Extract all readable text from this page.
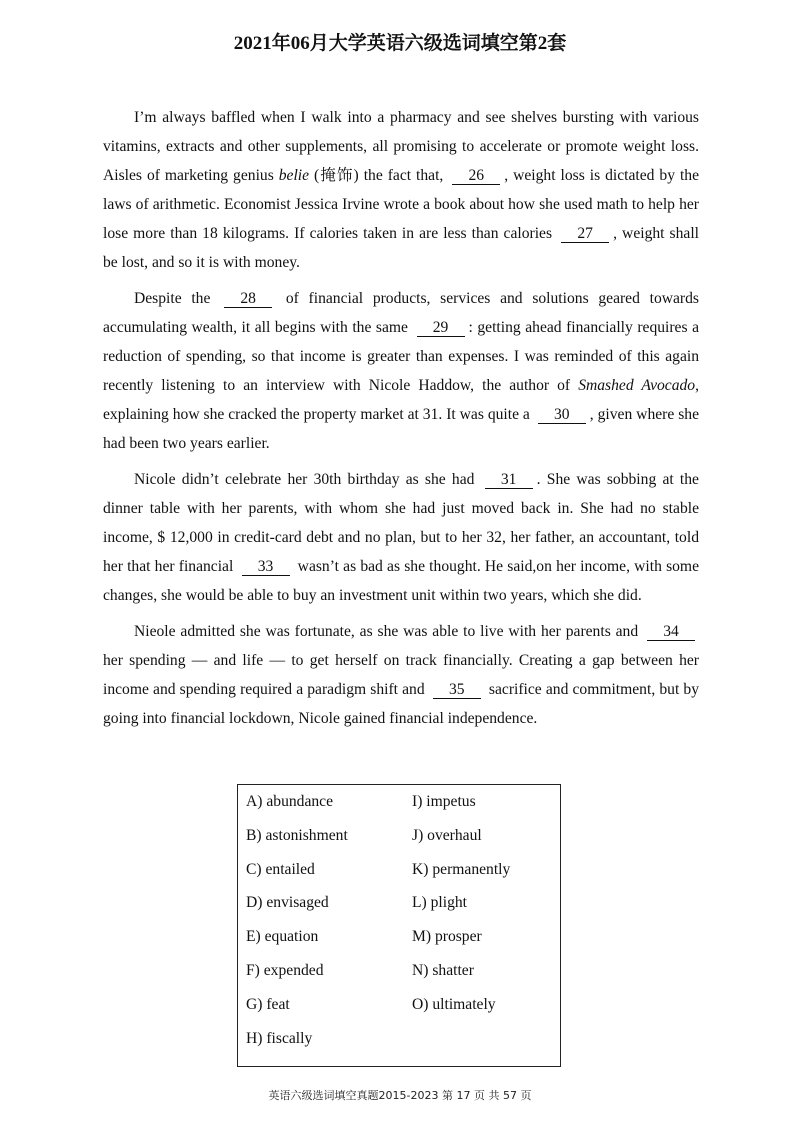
2021年06月大学英语六级选词填空第2套

I’m always baffled when I walk into a pharmacy and see shelves bursting with various vitamins, extracts and other supplements, all promising to accelerate or promote weight loss. Aisles of marketing genius belie (掩饰) the fact that, 26 , weight loss is dictated by the laws of arithmetic. Economist Jessica Irvine wrote a book about how she used math to help her lose more than 18 kilograms. If calories taken in are less than calories 27 , weight shall be lost, and so it is with money.

Despite the 28 of financial products, services and solutions geared towards accumulating wealth, it all begins with the same 29 : getting ahead financially requires a reduction of spending, so that income is greater than expenses. I was reminded of this again recently listening to an interview with Nicole Haddow, the author of Smashed Avocado, explaining how she cracked the property market at 31. It was quite a 30 , given where she had been two years earlier.

Nicole didn’t celebrate her 30th birthday as she had 31 . She was sobbing at the dinner table with her parents, with whom she had just moved back in. She had no stable income, $ 12,000 in credit-card debt and no plan, but to her 32, her father, an accountant, told her that her financial 33 wasn’t as bad as she thought. He said,on her income, with some changes, she would be able to buy an investment unit within two years, which she did.

Nieole admitted she was fortunate, as she was able to live with her parents and 34 her spending — and life — to get herself on track financially. Creating a gap between her income and spending required a paradigm shift and 35 sacrifice and commitment, but by going into financial lockdown, Nicole gained financial independence.

A) abundance
B) astonishment
C) entailed
D) envisaged
E) equation
F) expended
G) feat
H) fiscally
I) impetus
J) overhaul
K) permanently
L) plight
M) prosper
N) shatter
O) ultimately
英语六级选词填空真题2015-2023 第 17 页 共 57 页
